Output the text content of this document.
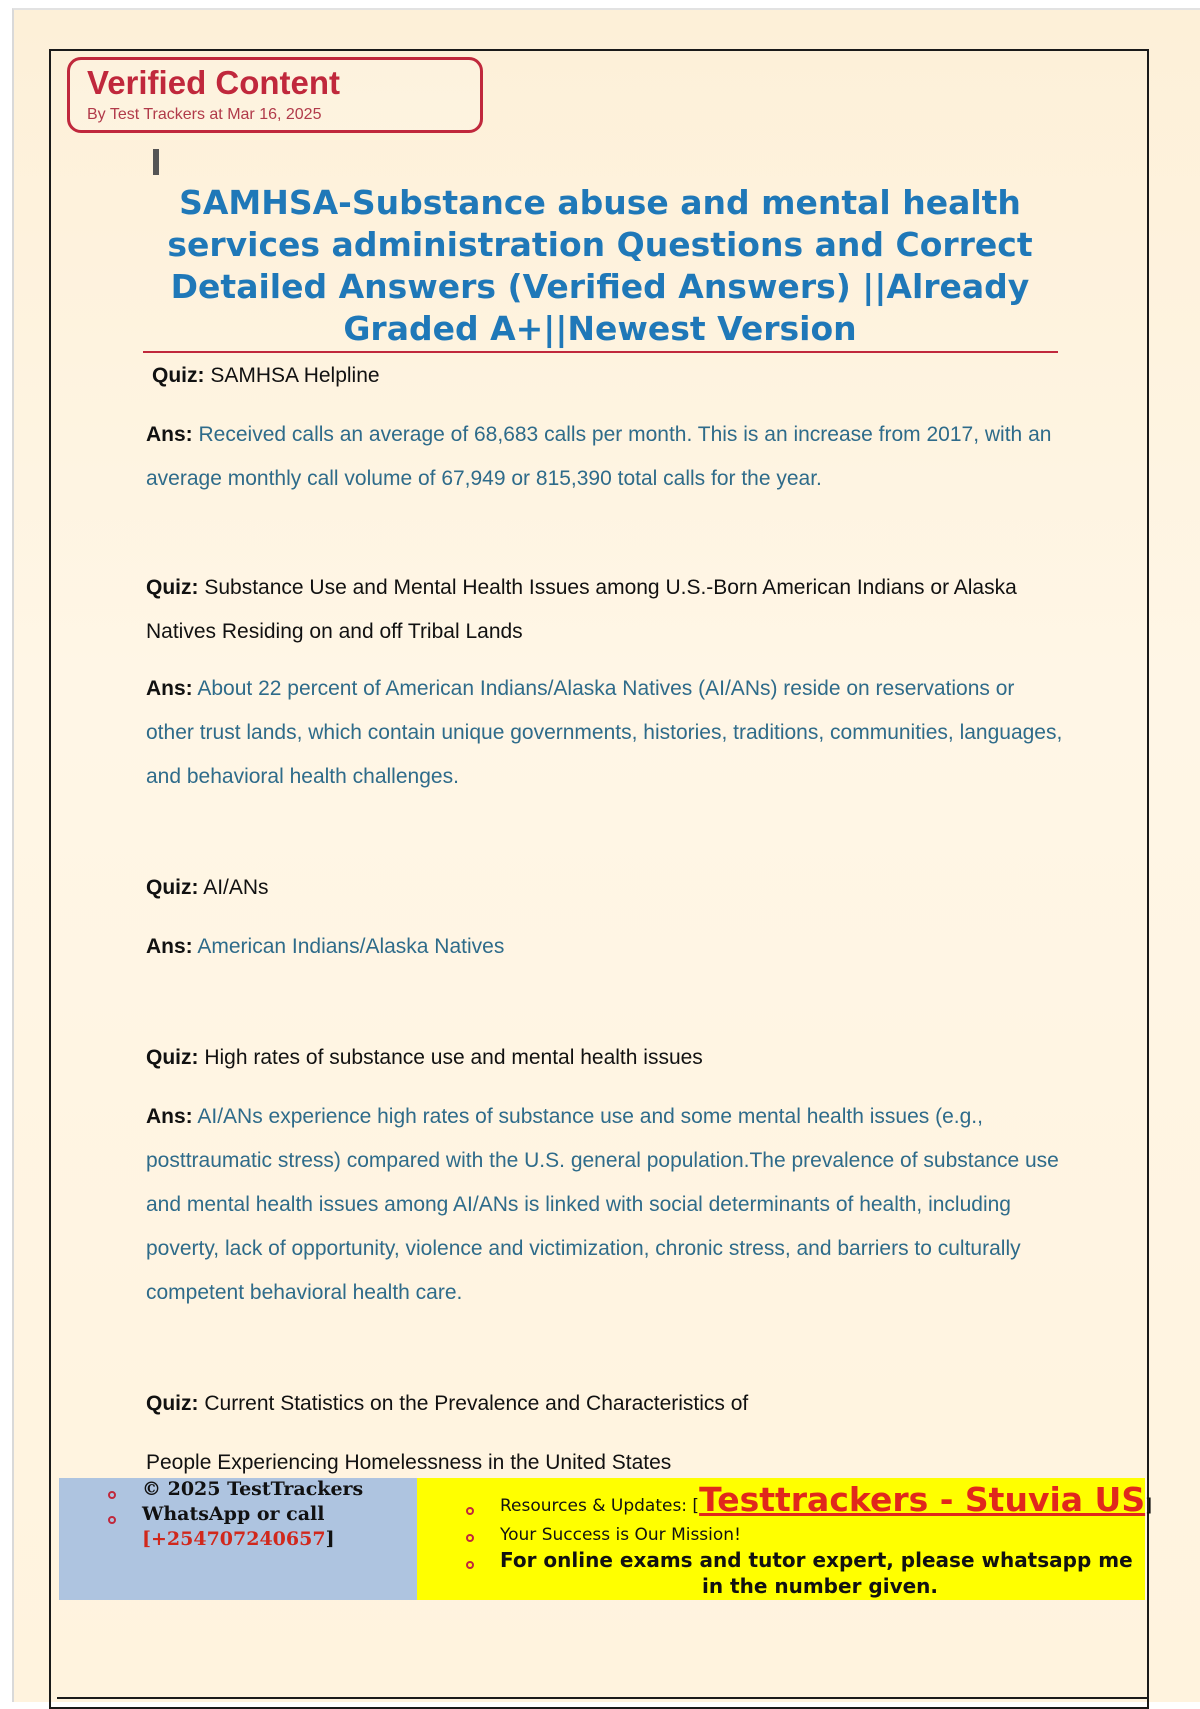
Verified Content
By Test Trackers at Mar 16, 2025
SAMHSA-Substance abuse and mental health services administration Questions and Correct Detailed Answers (Verified Answers) ||Already Graded A+||Newest Version
Quiz: SAMHSA Helpline
Ans: Received calls an average of 68,683 calls per month. This is an increase from 2017, with an average monthly call volume of 67,949 or 815,390 total calls for the year.
Quiz: Substance Use and Mental Health Issues among U.S.-Born American Indians or Alaska Natives Residing on and off Tribal Lands
Ans: About 22 percent of American Indians/Alaska Natives (AI/ANs) reside on reservations or other trust lands, which contain unique governments, histories, traditions, communities, languages, and behavioral health challenges.
Quiz: AI/ANs
Ans: American Indians/Alaska Natives
Quiz: High rates of substance use and mental health issues
Ans: AI/ANs experience high rates of substance use and some mental health issues (e.g., posttraumatic stress) compared with the U.S. general population.The prevalence of substance use and mental health issues among AI/ANs is linked with social determinants of health, including poverty, lack of opportunity, violence and victimization, chronic stress, and barriers to culturally competent behavioral health care.
Quiz: Current Statistics on the Prevalence and Characteristics of
People Experiencing Homelessness in the United States
© 2025 TestTrackers
WhatsApp or call
[+254707240657]
Resources & Updates: [Testtrackers - Stuvia US]
Your Success is Our Mission!
For online exams and tutor expert, please whatsapp me
in the number given.
